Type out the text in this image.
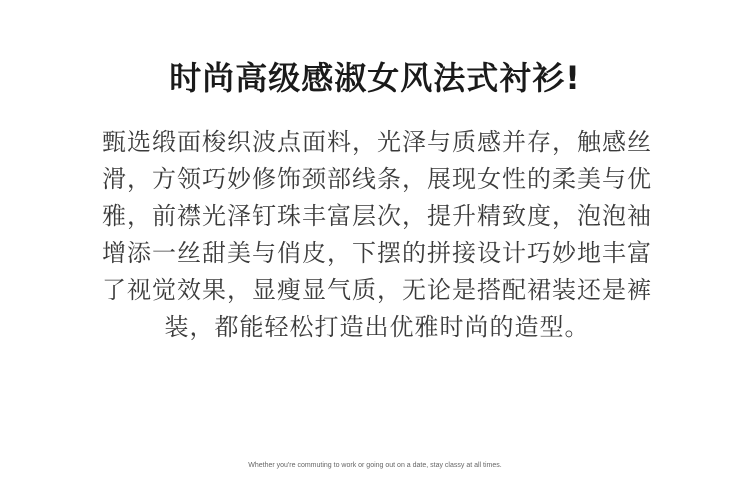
时尚高级感淑女风法式衬衫!
甄选缎面梭织波点面料，光泽与质感并存，触感丝
滑，方领巧妙修饰颈部线条，展现女性的柔美与优
雅，前襟光泽钉珠丰富层次，提升精致度，泡泡袖
增添一丝甜美与俏皮，下摆的拼接设计巧妙地丰富
了视觉效果，显瘦显气质，无论是搭配裙装还是裤
装，都能轻松打造出优雅时尚的造型。
Whether you're commuting to work or going out on a date, stay classy at all times.
